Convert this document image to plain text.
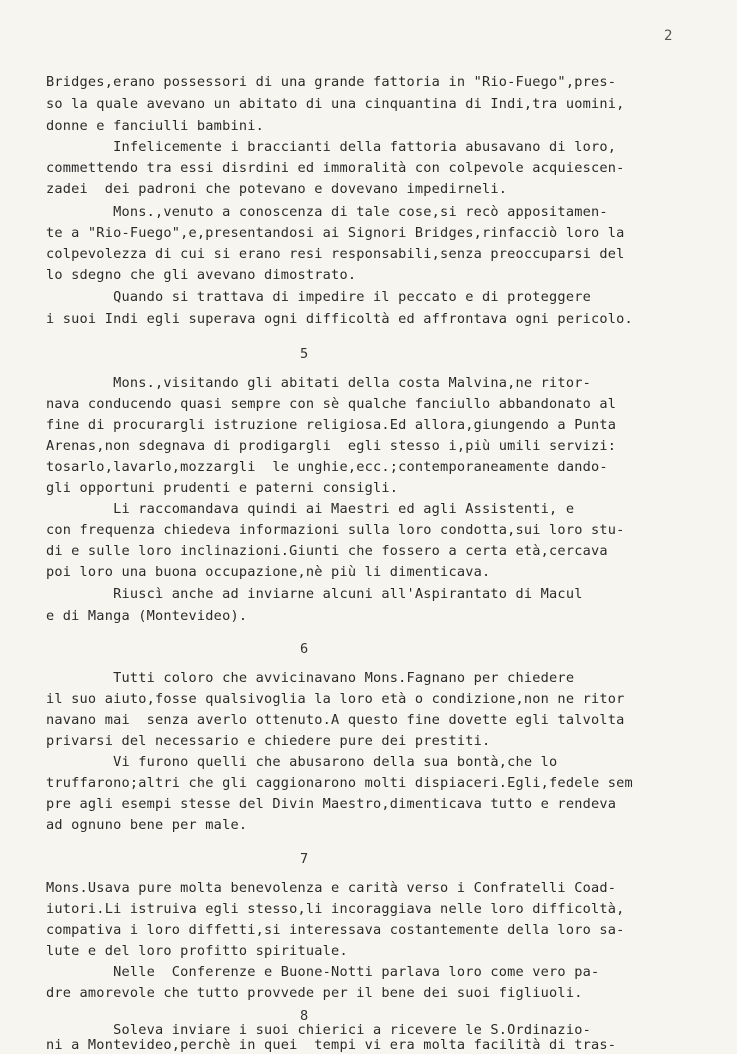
2
Bridges,erano possessori di una grande fattoria in "Rio-Fuego",pres-
so la quale avevano un abitato di una cinquantina di Indi,tra uomini,
donne e fanciulli bambini.
Infelicemente i braccianti della fattoria abusavano di loro,
commettendo tra essi disrdini ed immoralità con colpevole acquiescen-
zadei  dei padroni che potevano e dovevano impedirneli.
Mons.,venuto a conoscenza di tale cose,si recò appositamen-
te a "Rio-Fuego",e,presentandosi ai Signori Bridges,rinfacciò loro la
colpevolezza di cui si erano resi responsabili,senza preoccuparsi del
lo sdegno che gli avevano dimostrato.
Quando si trattava di impedire il peccato e di proteggere
i suoi Indi egli superava ogni difficoltà ed affrontava ogni pericolo.
5
Mons.,visitando gli abitati della costa Malvina,ne ritor-
nava conducendo quasi sempre con sè qualche fanciullo abbandonato al
fine di procurargli istruzione religiosa.Ed allora,giungendo a Punta
Arenas,non sdegnava di prodigargli  egli stesso i,più umili servizi:
tosarlo,lavarlo,mozzargli  le unghie,ecc.;contemporaneamente dando-
gli opportuni prudenti e paterni consigli.
Li raccomandava quindi ai Maestri ed agli Assistenti, e
con frequenza chiedeva informazioni sulla loro condotta,sui loro stu-
di e sulle loro inclinazioni.Giunti che fossero a certa età,cercava
poi loro una buona occupazione,nè più li dimenticava.
Riuscì anche ad inviarne alcuni all'Aspirantato di Macul
e di Manga (Montevideo).
6
Tutti coloro che avvicinavano Mons.Fagnano per chiedere
il suo aiuto,fosse qualsivoglia la loro età o condizione,non ne ritor
navano mai  senza averlo ottenuto.A questo fine dovette egli talvolta
privarsi del necessario e chiedere pure dei prestiti.
Vi furono quelli che abusarono della sua bontà,che lo
truffarono;altri che gli caggionarono molti dispiaceri.Egli,fedele sem
pre agli esempi stesse del Divin Maestro,dimenticava tutto e rendeva
ad ognuno bene per male.
7
Mons.Usava pure molta benevolenza e carità verso i Confratelli Coad-
iutori.Li istruiva egli stesso,li incoraggiava nelle loro difficoltà,
compativa i loro diffetti,si interessava costantemente della loro sa-
lute e del loro profitto spirituale.
Nelle  Conferenze e Buone-Notti parlava loro come vero pa-
dre amorevole che tutto provvede per il bene dei suoi figliuoli.
8
Soleva inviare i suoi chierici a ricevere le S.Ordinazio-
ni a Montevideo,perchè in quei  tempi vi era molta facilità di tras-
